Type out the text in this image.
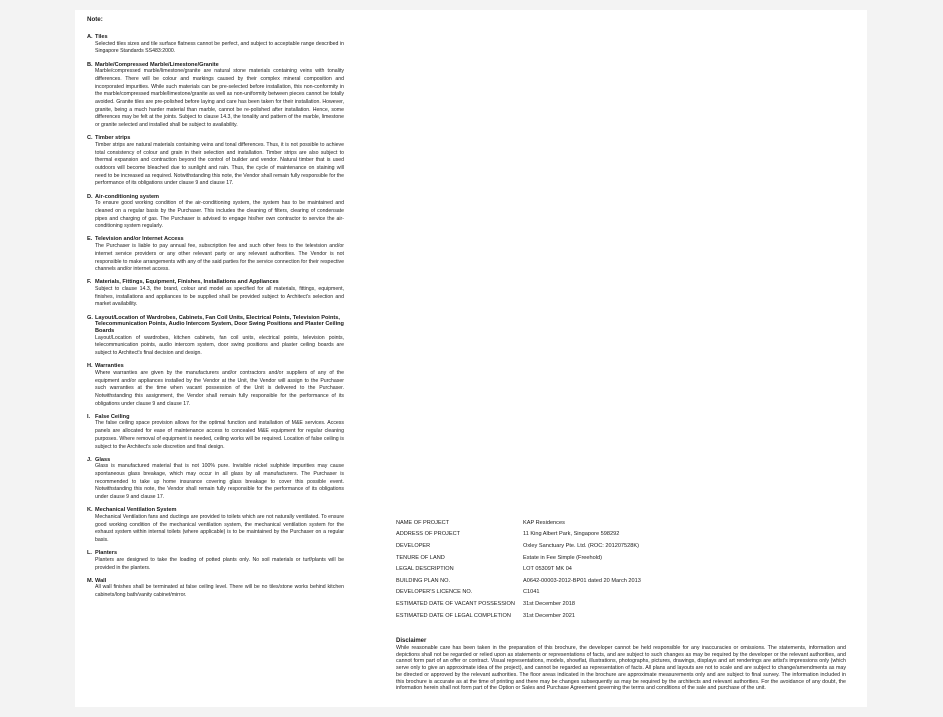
Note:
A. Tiles
Selected tiles sizes and tile surface flatness cannot be perfect, and subject to acceptable range described in Singapore Standards SS483:2000.
B. Marble/Compressed Marble/Limestone/Granite
Marble/compressed marble/limestone/granite are natural stone materials containing veins with tonality differences. There will be colour and markings caused by their complex mineral composition and incorporated impurities. While such materials can be pre-selected before installation, this non-conformity in the marble/compressed marble/limestone/granite as well as non-uniformity between pieces cannot be totally avoided. Granite tiles are pre-polished before laying and care has been taken for their installation. However, granite, being a much harder material than marble, cannot be re-polished after installation. Hence, some differences may be felt at the joints. Subject to clause 14.3, the tonality and pattern of the marble, limestone or granite selected and installed shall be subject to availability.
C. Timber strips
Timber strips are natural materials containing veins and tonal differences. Thus, it is not possible to achieve total consistency of colour and grain in their selection and installation. Timber strips are also subject to thermal expansion and contraction beyond the control of builder and vendor. Natural timber that is used outdoors will become bleached due to sunlight and rain. Thus, the cycle of maintenance on staining will need to be increased as required. Notwithstanding this note, the Vendor shall remain fully responsible for the performance of its obligations under clause 9 and clause 17.
D. Air-conditioning system
To ensure good working condition of the air-conditioning system, the system has to be maintained and cleaned on a regular basis by the Purchaser. This includes the cleaning of filters, clearing of condensate pipes and charging of gas. The Purchaser is advised to engage his/her own contractor to service the air-conditioning system regularly.
E. Television and/or Internet Access
The Purchaser is liable to pay annual fee, subscription fee and such other fees to the television and/or internet service providers or any other relevant party or any relevant authorities. The Vendor is not responsible to make arrangements with any of the said parties for the service connection for their respective channels and/or internet access.
F. Materials, Fittings, Equipment, Finishes, Installations and Appliances
Subject to clause 14.3, the brand, colour and model as specified for all materials, fittings, equipment, finishes, installations and appliances to be supplied shall be provided subject to Architect's selection and market availability.
G. Layout/Location of Wardrobes, Cabinets, Fan Coil Units, Electrical Points, Television Points, Telecommunication Points, Audio Intercom System, Door Swing Positions and Plaster Ceiling Boards
Layout/Location of wardrobes, kitchen cabinets, fan coil units, electrical points, television points, telecommunication points, audio intercom system, door swing positions and plaster ceiling boards are subject to Architect's final decision and design.
H. Warranties
Where warranties are given by the manufacturers and/or contractors and/or suppliers of any of the equipment and/or appliances installed by the Vendor at the Unit, the Vendor will assign to the Purchaser such warranties at the time when vacant possession of the Unit is delivered to the Purchaser. Notwithstanding this assignment, the Vendor shall remain fully responsible for the performance of its obligations under clause 9 and clause 17.
I. False Ceiling
The false ceiling space provision allows for the optimal function and installation of M&E services. Access panels are allocated for ease of maintenance access to concealed M&E equipment for regular cleaning purposes. Where removal of equipment is needed, ceiling works will be required. Location of false ceiling is subject to the Architect's sole discretion and final design.
J. Glass
Glass is manufactured material that is not 100% pure. Invisible nickel sulphide impurities may cause spontaneous glass breakage, which may occur in all glass by all manufacturers. The Purchaser is recommended to take up home insurance covering glass breakage to cover this possible event. Notwithstanding this note, the Vendor shall remain fully responsible for the performance of its obligations under clause 9 and clause 17.
K. Mechanical Ventilation System
Mechanical Ventilation fans and ductings are provided to toilets which are not naturally ventilated. To ensure good working condition of the mechanical ventilation system, the mechanical ventilation system for the exhaust system within internal toilets (where applicable) is to be maintained by the Purchaser on a regular basis.
L. Planters
Planters are designed to take the loading of potted plants only. No soil materials or turf/plants will be provided in the planters.
M. Wall
All wall finishes shall be terminated at false ceiling level. There will be no tiles/stone works behind kitchen cabinets/long bath/vanity cabinet/mirror.
NAME OF PROJECT	KAP Residences
ADDRESS OF PROJECT	11 King Albert Park, Singapore 598292
DEVELOPER	Oxley Sanctuary Pte. Ltd. (ROC: 201207528K)
TENURE OF LAND	Estate in Fee Simple (Freehold)
LEGAL DESCRIPTION	LOT 05309T MK 04
BUILDING PLAN NO.	A0642-00003-2012-BP01 dated 20 March 2013
DEVELOPER'S LICENCE NO.	C1041
ESTIMATED DATE OF VACANT POSSESSION	31st December 2018
ESTIMATED DATE OF LEGAL COMPLETION	31st December 2021
Disclaimer
While reasonable care has been taken in the preparation of this brochure, the developer cannot be held responsible for any inaccuracies or omissions. The statements, information and depictions shall not be regarded or relied upon as statements or representations of facts, and are subject to such changes as may be required by the developer or the relevant authorities, and cannot form part of an offer or contract. Visual representations, models, showflat, illustrations, photographs, pictures, drawings, displays and art renderings are artist's impressions only (which serve only to give an approximate idea of the project), and cannot be regarded as representation of facts. All plans and layouts are not to scale and are subject to change/amendments as may be directed or approved by the relevant authorities. The floor areas indicated in the brochure are approximate measurements only and are subject to final survey. The information included in this brochure is accurate as at the time of printing and there may be changes subsequently as may be required by the architects and relevant authorities. For the avoidance of any doubt, the information herein shall not form part of the Option or Sales and Purchase Agreement governing the terms and conditions of the sale and purchase of the unit.
